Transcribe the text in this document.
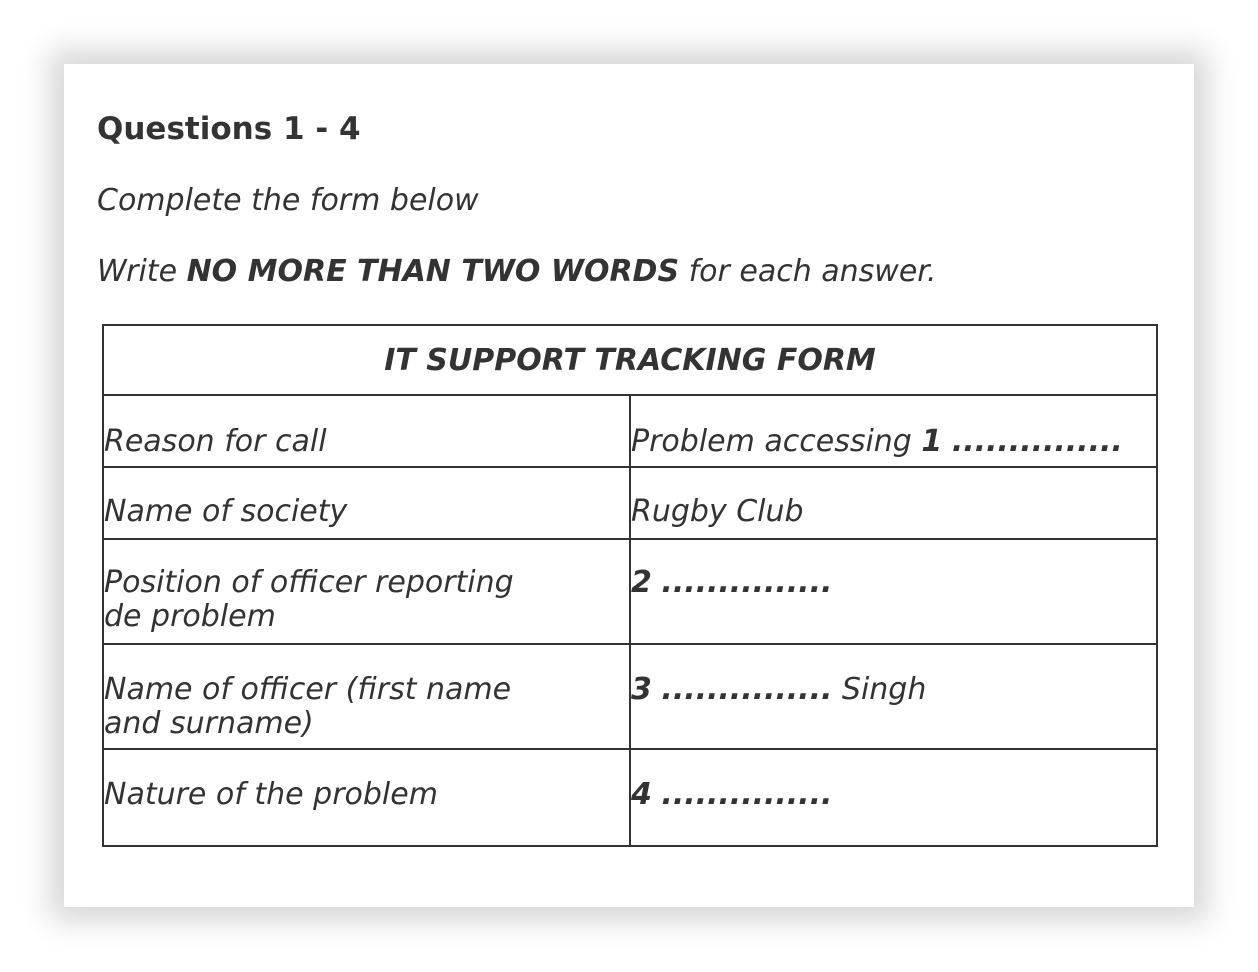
Questions 1 - 4
Complete the form below
Write NO MORE THAN TWO WORDS for each answer.
IT SUPPORT TRACKING FORM	

Reason for call	Problem accessing 1 ...............

Name of society	Rugby Club

Position of officer reporting
de problem	2 ...............

Name of officer (first name
and surname)	3 ............... Singh

Nature of the problem	4 ...............
